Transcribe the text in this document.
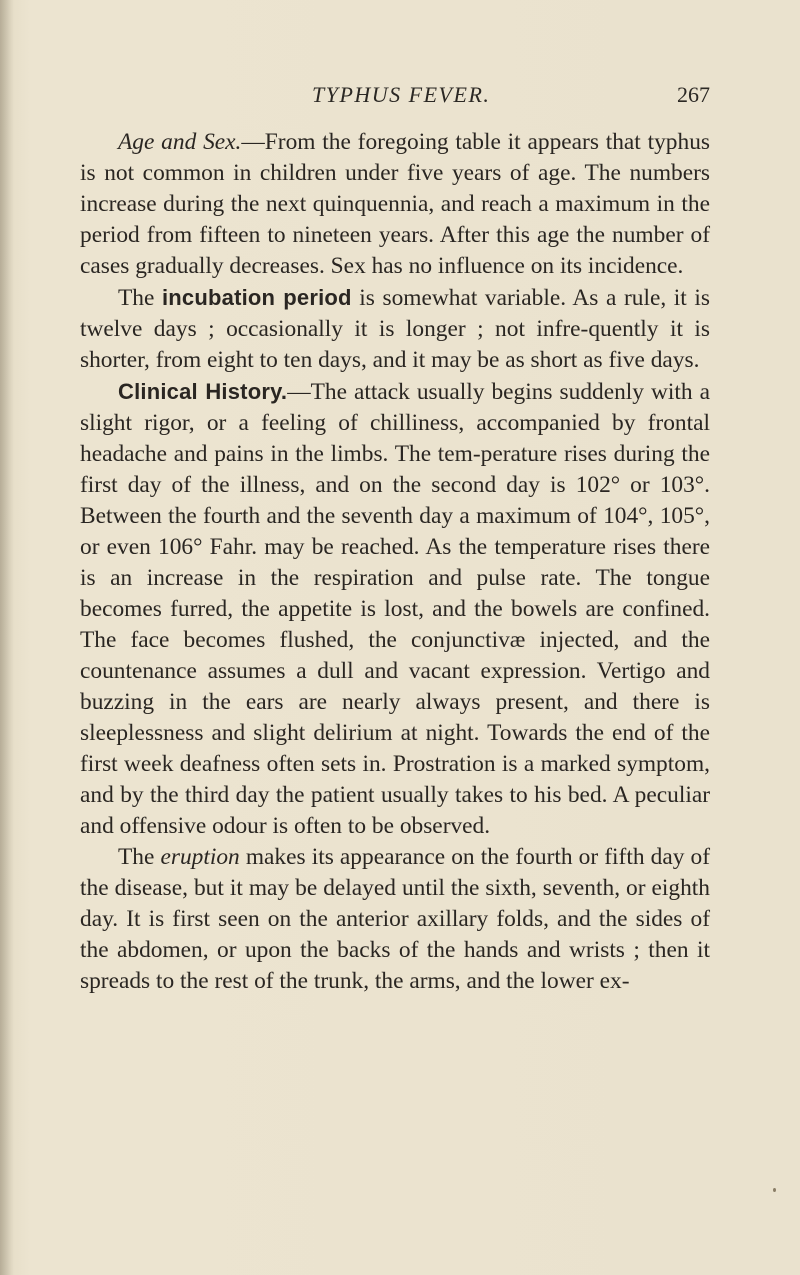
TYPHUS FEVER.	267

Age and Sex.—From the foregoing table it appears that typhus is not common in children under five years of age. The numbers increase during the next quinquennia, and reach a maximum in the period from fifteen to nineteen years. After this age the number of cases gradually decreases. Sex has no influence on its incidence.

The incubation period is somewhat variable. As a rule, it is twelve days ; occasionally it is longer ; not infre-quently it is shorter, from eight to ten days, and it may be as short as five days.

Clinical History.—The attack usually begins suddenly with a slight rigor, or a feeling of chilliness, accompanied by frontal headache and pains in the limbs. The tem-perature rises during the first day of the illness, and on the second day is 102° or 103°. Between the fourth and the seventh day a maximum of 104°, 105°, or even 106° Fahr. may be reached. As the temperature rises there is an increase in the respiration and pulse rate. The tongue becomes furred, the appetite is lost, and the bowels are confined. The face becomes flushed, the conjunctivæ injected, and the countenance assumes a dull and vacant expression. Vertigo and buzzing in the ears are nearly always present, and there is sleeplessness and slight delirium at night. Towards the end of the first week deafness often sets in. Prostration is a marked symptom, and by the third day the patient usually takes to his bed. A peculiar and offensive odour is often to be observed.

The eruption makes its appearance on the fourth or fifth day of the disease, but it may be delayed until the sixth, seventh, or eighth day. It is first seen on the anterior axillary folds, and the sides of the abdomen, or upon the backs of the hands and wrists ; then it spreads to the rest of the trunk, the arms, and the lower ex-
